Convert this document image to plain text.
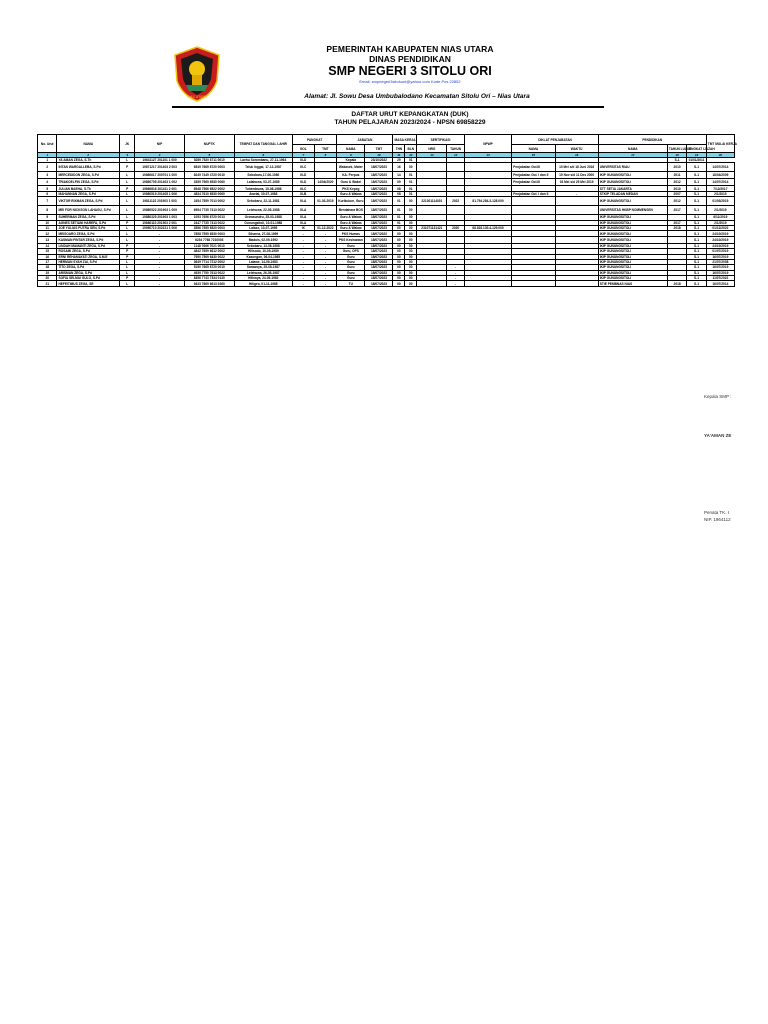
NIAS UTARA
PEMERINTAH KABUPATEN NIAS UTARA
DINAS PENDIDIKAN
SMP NEGERI 3 SITOLU ORI
Email: smpnegeri3sitoluori@yahoo.com Kode Pos 22852
Alamat: Jl. Sowu Desa Umbubalodano Kecamatan Sitolu Ori – Nias Utara
DAFTAR URUT KEPANGKATAN (DUK)
TAHUN PELAJARAN 2023/2024 - NPSN 69858229
No. Urut	NAMA	JK	NIP	NUPTK	TEMPAT DAN TANGGAL LAHIR	PANGKAT		JABATAN		MASA KERJA		SERTIFIKASI		NPWP	DIKLAT PENJABATAN		PENDIDIKAN			TMT MULAI KERJA
						GOL	TMT	NAMA	TMT	THN	BLN	NRG	TAHUN		NAMA	WAKTU	NAMA	TAHUN LULUS	TINGKAT IJAZAH	
1	2	3	4	5	6	7	8	9	10	11	12	13	14	14	15	16	17	18	19	20
1	YA'AMAN ZEGA, S.Th	L	19641127 201101 1 000	5259 7520 6711 0010	Laehu Sorombanu, 27-11-1964	III-D		Kepala	23/10/2022	29	01							S-1	01/01/2011	
2	INTAN WARGALLEBA, S.Pd	P	19871217 201403 2 003	6549 7669 6720 0003	Teluk Inggal, 17-12-1987	III-C		Wakasek, Mater	18/07/2023	16	00				Penjabatan Gol.III	10 Mei s/d 18 Juni 2016	UNIVERSITAS RIAU	2010	S-1	14/07/2014
3	MERCEDIDON ZEGA, S.Pd	L	19880617 200701 1 000	8249 7449 4720 0010	Sebobaru,17-06-1980	III-D		KA. Perpus	18/07/2023	14	01				Penjabatan Gol. I dan II	19 Nov s/d 11 Des 2000	IKIP GUNUNGSITOLI	2011	S-1	18/04/2009
4	TRIAKOELFIN ZEGA, S.Pd	L	19850705 201403 1 002	3355 7565 6530 0060	Lalahuwa, 03-07-1985	III-D	14/04/2020	Guru & Wakel	18/07/2023	09	01				Penjabatan Gol.III	03 Mei s/d 25 Mei 2019	IKIP GUNUNGSITOLI	2012	S-1	14/07/2014
5	JULIAN BAEHA, S.Th	P	19860816 201411 2 001	6548 7566 6522 0002	Tuhembuwa, 15-08-1986	III-C		PKS Kepeg	18/07/2023	08	01						STT SETIA JAKARTA	2010	S-1	7/12/2017
6	MAHANNAN ZEGA, S.Pd	L	19880519 201405 1 006	4834 7610 6530 0060	Awelai, 30-07-1988	III-B		Guru & Wakas	18/07/2023	08	01				Penjabatan Gol. I dan II	-	STKIP TELADAN MEDAN	2007	S-1	2/1/2015
7	VIKTOR RIXMAN ZEGA, S.Pd	L	19811122 201903 1 003	2454 7559 7013 0002	Sebobaru, 22-11-1981	III-A	01-03-2019	Kurikulum, Guru	18/07/2023	01	00	221301114001	2022	81.794.284.3-128.000			IKIP GUNUNGSITOLI	2012	S-1	01/03/2019
8	MEI FOR NICKSON LAHAGU, S.Pd	L	19880522 201903 1 009	6954 7735 7413 0022	Lelehuwa, 22-05-1988	III-A		Bendahara BOS	18/07/2023	01	00						UNIVERSITAS HKBP NOMMENSEN	2017	S-1	2/1/2019
9	SUHERMAN ZEGA, S.Pd	L	19880325 201903 1 003	1053 7656 6720 0013	Orowaundru, 25-03-1988	III-A		Guru & Wakas	18/07/2023	01	00						IKIP GUNUNGSITOLI		S-1	6/11/2019
10	AGNES SETIANI HAREFA, S.Pd	P	19880110 201903 2 001	2447 7735 7413 0022	Gunungsitoli, 10-01-1988	III-A		Guru & Wakas	18/07/2023	01	00						IKIP GUNUNGSITOLI	2017	S-1	2/1/2019
11	JOE YULIUS PUTRA SEN, S.Pd	L	19950710 202221 1 006	3556 7555 6520 0003	Lalase, 10-07-1995	IX	01-12-2022	Guru & Wakas	18/07/2023	00	00	231071131421	2020	68.816.130.4-129.000			IKIP GUNUNGSITOLI	2018	S-1	01/12/2022
12	MEISOARO ZEGA, S.Pd	L	-	7858 7555 6530 0003	Siharna, 27-08-1999	-	-	PKS Humas	18/07/2023	00	00						IKIP GUNUNGSITOLI		S-1	24/10/2019
13	KASMAN FINTAR ZEGA, S.Pd	L	-	6234 7768 7210003	Maduis, 02-09-1992	-	-	PKS Kesiswaan	18/07/2023	00	00						IKIP GUNUNGSITOLI		S-1	24/10/2019
14	LINDAH MAMANTI ZEGA, S.Pd	P	-	1148 7666 7021 0010	Sebobaru, 13-08-1988	-	-	Guru	18/07/2023	00	00						IKIP GUNUNGSITOLI		S-1	24/10/2019
15	ROSAMI ZEGA, S.Pd	P	-	4842 7659 6612 0002	Hilisodo, 10-09-1989	-	-	Guru, OPS	18/07/2023	00	00						IKIP GUNUNGSITOLI		S-1	01/07/2019
16	ERNI REHAMAYATI ZEGA, S.M.E	P	-	7950 7569 6430 0022	Kasongan, 06-04-1985	-	-	Guru	18/07/2023	00	00						IKIP GUNUNGSITOLI		S-1	16/07/2019
17	HERMAN SYAH ZAI, S.Pd	L	-	3649 7714 7212 0002	Lalawe, 14-09-1983	-	-	Guru	18/07/2023	00	00						IKIP GUNUNGSITOLI		S-1	21/07/2008
18	TITO ZEGA, S.Pd	L	-	5150 7665 6720 0010	Sarawoya, 25-08-1987	-	-	Guru	18/07/2023	00	00		-				IKIP GUNUNGSITOLI		S-1	16/07/2019
19	ARISMAN ZEGA, S.Pd	L	-	4939 7750 7613 0022	Lelehuwa, 26-05-1987	-	-	Guru	18/07/2023	00	00		-				IKIP GUNUNGSITOLI		S-1	16/07/2019
20	SOFIA SELMAI GULO, S.Pd	P	-	8356 7743 7334 0130	Hilinaya, 24-09-1983	-	-	Guru	18/07/2023	00	00		-				IKIP GUNUNGSITOLI		S-1	11/07/2022
21	HEFEITIMUS ZEGA, SE	L	-	9433 7669 6613 0260	Hiligeo, 01-11-1988	-	-	TU	18/07/2023	00	00		-				STIE PEMBNAS NIAS	2018	S-1	16/07/2014
Kepala SMP :
YA'AMAN ZE
Penata TK. I
NIP. 1964112
